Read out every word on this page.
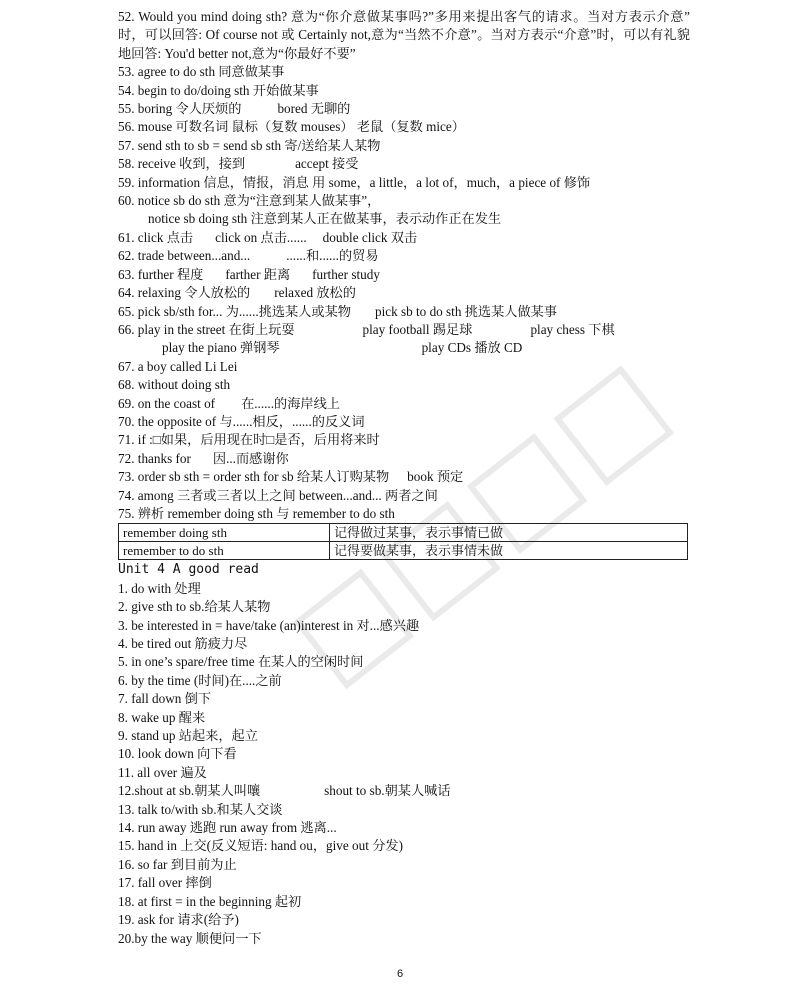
52. Would you mind doing sth? 意为“你介意做某事吗?”多用来提出客气的请求。当对方表示介意” 时，可以回答: Of course not 或 Certainly not,意为“当然不介意”。当对方表示“介意”时，可以有礼貌地回答: You'd better not,意为“你最好不要”
53. agree to do sth 同意做某事
54. begin to do/doing sth 开始做某事
55. boring 令人厌烦的	bored 无聊的
56. mouse 可数名词 鼠标（复数 mouses） 老鼠（复数 mice）
57. send sth to sb = send sb sth 寄/送给某人某物
58. receive 收到，接到	accept 接受
59. information 信息，情报，消息 用 some，a little，a lot of，much，a piece of 修饰
60. notice sb do sth 意为“注意到某人做某事”，
notice sb doing sth 注意到某人正在做某事，表示动作正在发生
61. click 点击 click on 点击...... double click 双击
62. trade between...and...	......和......的贸易
63. further 程度 farther 距离 further study
64. relaxing 令人放松的 relaxed 放松的
65. pick sb/sth for... 为......挑选某人或某物 pick sb to do sth 挑选某人做某事
66. play in the street 在街上玩耍	play football 踢足球	play chess 下棋
play the piano 弹钢琴	play CDs 播放 CD
67. a boy called Li Lei
68. without doing sth
69. on the coast of 在......的海岸线上
70. the opposite of 与......相反，......的反义词
71. if :□如果，后用现在时□是否，后用将来时
72. thanks for 因...而感谢你
73. order sb sth = order sth for sb 给某人订购某物 book 预定
74. among 三者或三者以上之间 between...and... 两者之间
75. 辨析 remember doing sth 与 remember to do sth
remember doing sth	记得做过某事，表示事情已做
remember to do sth	记得要做某事，表示事情未做
Unit 4 A good read
1. do with 处理
2. give sth to sb.给某人某物
3. be interested in = have/take (an)interest in 对...感兴趣
4. be tired out 筋疲力尽
5. in one’s spare/free time 在某人的空闲时间
6. by the time (时间)在....之前
7. fall down 倒下
8. wake up 醒来
9. stand up 站起来，起立
10. look down 向下看
11. all over 遍及
12.shout at sb.朝某人叫嚷	shout to sb.朝某人喊话
13. talk to/with sb.和某人交谈
14. run away 逃跑 run away from 逃离...
15. hand in 上交(反义短语: hand ou，give out 分发)
16. so far 到目前为止
17. fall over 摔倒
18. at first = in the beginning 起初
19. ask for 请求(给予)
20.by the way 顺便问一下
6
